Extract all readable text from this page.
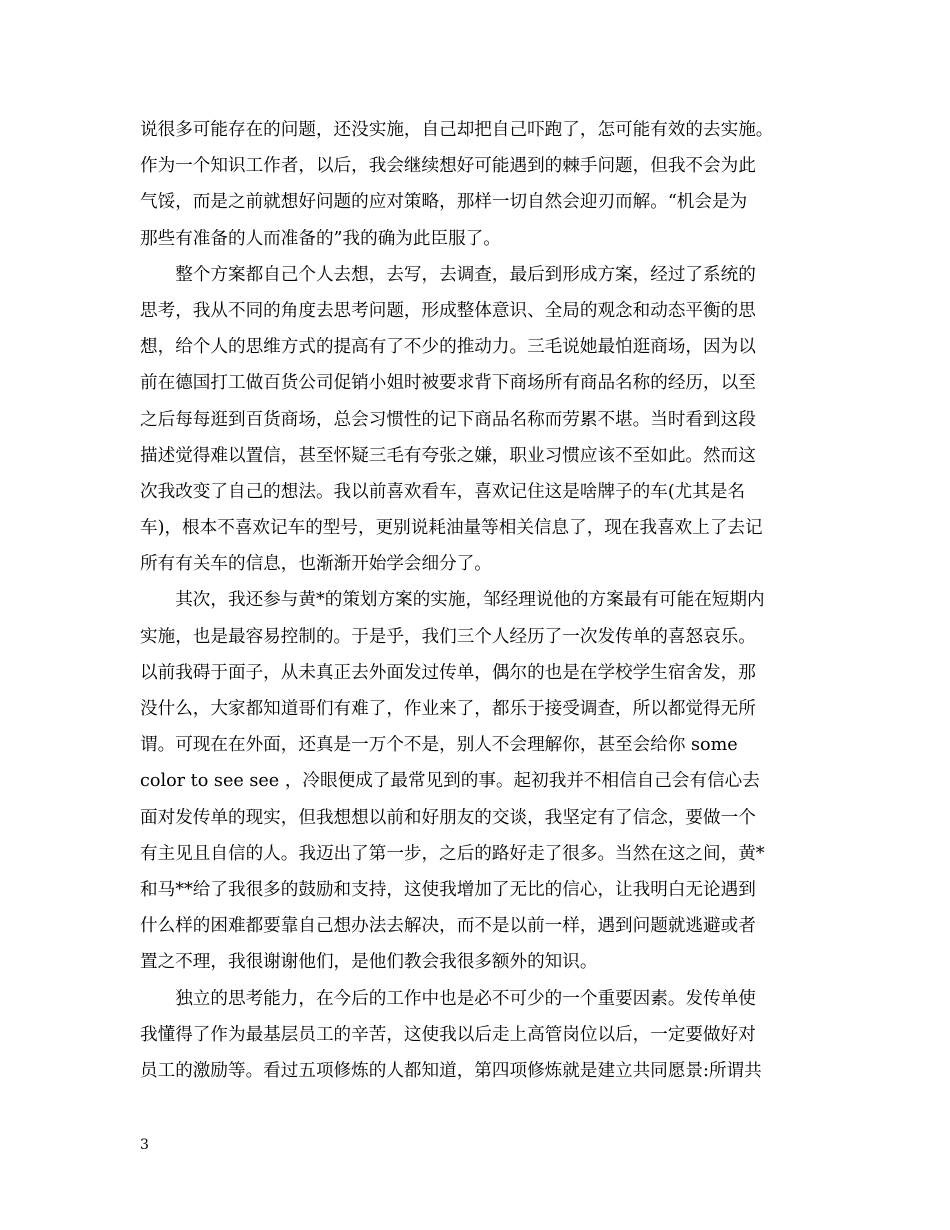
说很多可能存在的问题，还没实施，自己却把自己吓跑了，怎可能有效的去实施。
作为一个知识工作者，以后，我会继续想好可能遇到的棘手问题，但我不会为此
气馁，而是之前就想好问题的应对策略，那样一切自然会迎刃而解。“机会是为
那些有准备的人而准备的”我的确为此臣服了。
　　整个方案都自己个人去想，去写，去调查，最后到形成方案，经过了系统的
思考，我从不同的角度去思考问题，形成整体意识、全局的观念和动态平衡的思
想，给个人的思维方式的提高有了不少的推动力。三毛说她最怕逛商场，因为以
前在德国打工做百货公司促销小姐时被要求背下商场所有商品名称的经历，以至
之后每每逛到百货商场，总会习惯性的记下商品名称而劳累不堪。当时看到这段
描述觉得难以置信，甚至怀疑三毛有夸张之嫌，职业习惯应该不至如此。然而这
次我改变了自己的想法。我以前喜欢看车，喜欢记住这是啥牌子的车(尤其是名
车)，根本不喜欢记车的型号，更别说耗油量等相关信息了，现在我喜欢上了去记
所有有关车的信息，也渐渐开始学会细分了。
　　其次，我还参与黄*的策划方案的实施，邹经理说他的方案最有可能在短期内
实施，也是最容易控制的。于是乎，我们三个人经历了一次发传单的喜怒哀乐。
以前我碍于面子，从未真正去外面发过传单，偶尔的也是在学校学生宿舍发，那
没什么，大家都知道哥们有难了，作业来了，都乐于接受调查，所以都觉得无所
谓。可现在在外面，还真是一万个不是，别人不会理解你，甚至会给你 some
color to see see ，冷眼便成了最常见到的事。起初我并不相信自己会有信心去
面对发传单的现实，但我想想以前和好朋友的交谈，我坚定有了信念，要做一个
有主见且自信的人。我迈出了第一步，之后的路好走了很多。当然在这之间，黄*
和马**给了我很多的鼓励和支持，这使我增加了无比的信心，让我明白无论遇到
什么样的困难都要靠自己想办法去解决，而不是以前一样，遇到问题就逃避或者
置之不理，我很谢谢他们，是他们教会我很多额外的知识。
　　独立的思考能力，在今后的工作中也是必不可少的一个重要因素。发传单使
我懂得了作为最基层员工的辛苦，这使我以后走上高管岗位以后，一定要做好对
员工的激励等。看过五项修炼的人都知道，第四项修炼就是建立共同愿景:所谓共
3
